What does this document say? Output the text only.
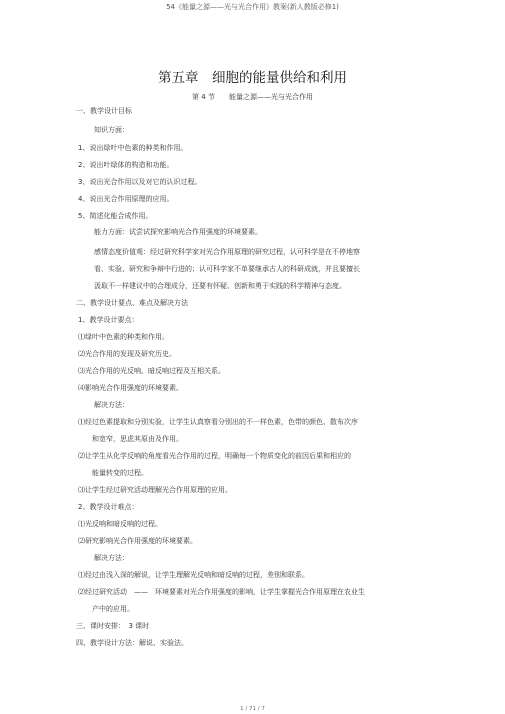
54《能量之源——光与光合作用》教案(新人教版必修1)
第五章　细胞的能量供给和利用
第 4 节　　能量之源——光与光合作用
一、教学设计目标
知识方面：
1、说出绿叶中色素的种类和作用。
2、说出叶绿体的构造和功能。
3、说出光合作用以及对它的认识过程。
4、说出光合作用原理的应用。
5、简述化能合成作用。
能力方面：试尝试探究影响光合作用强度的环境要素。
感情态度价值观：经过研究科学家对光合作用原理的研究过程，认可科学是在不停地察
看、实验、研究和争辩中行进的；认可科学家不单要继承古人的科研成就，并且要擅长
汲取不一样建议中的合理成分，还要有怀疑、创新和勇于实践的科学精神与态度。
二、教学设计要点、难点及解决方法
1、教学设计要点：
⑴绿叶中色素的种类和作用。
⑵光合作用的发现及研究历史。
⑶光合作用的光反响、暗反响过程及互相关系。
⑷影响光合作用强度的环境要素。
解决方法：
⑴经过色素提取和分别实验，让学生认真察看分别出的不一样色素，色带的颜色、散布次序
和宽窄，思虑其原由及作用。
⑵让学生从化学反响的角度看光合作用的过程，明确每一个物质变化的前因后果和相应的
能量转变的过程。
⑶让学生经过研究活动理解光合作用原理的应用。
2、教学设计难点：
⑴光反响和暗反响的过程。
⑵研究影响光合作用强度的环境要素。
解决方法：
⑴经过由浅入深的解说，让学生理解光反响和暗反响的过程，差别和联系。
⑵经过研究活动　——　环境要素对光合作用强度的影响，让学生掌握光合作用原理在农业生
产中的应用。
三、课时安排：　3 课时
四、教学设计方法：解说、实验法。
1 / 71 / 7
